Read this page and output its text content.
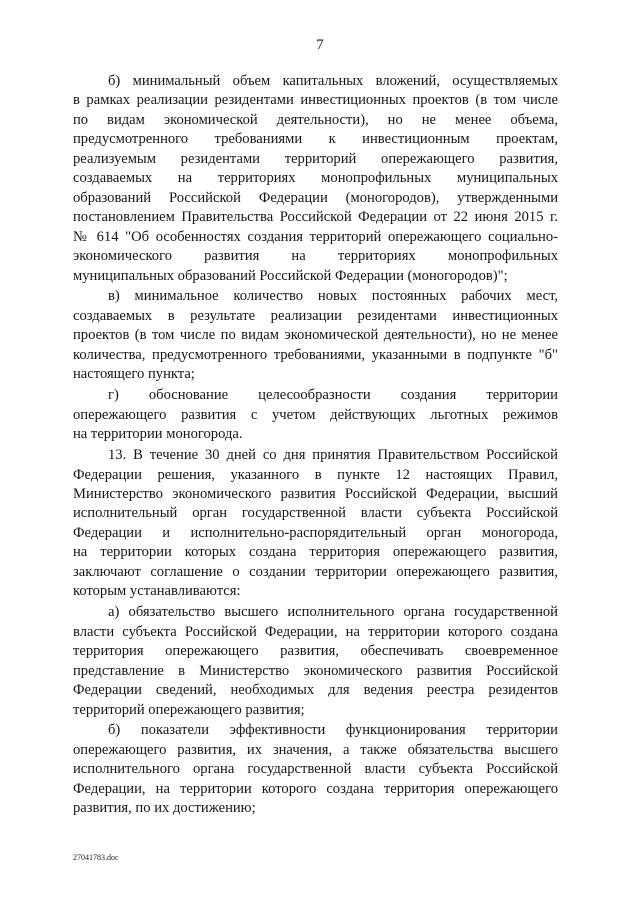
7

б) минимальный объем капитальных вложений, осуществляемых
в рамках реализации резидентами инвестиционных проектов (в том числе
по видам экономической деятельности), но не менее объема,
предусмотренного требованиями к инвестиционным проектам,
реализуемым резидентами территорий опережающего развития,
создаваемых на территориях монопрофильных муниципальных
образований Российской Федерации (моногородов), утвержденными
постановлением Правительства Российской Федерации от 22 июня 2015 г.
№ 614 "Об особенностях создания территорий опережающего социально-
экономического развития на территориях монопрофильных
муниципальных образований Российской Федерации (моногородов)";

в) минимальное количество новых постоянных рабочих мест,
создаваемых в результате реализации резидентами инвестиционных
проектов (в том числе по видам экономической деятельности), но не менее
количества, предусмотренного требованиями, указанными в подпункте "б"
настоящего пункта;

г) обоснование целесообразности создания территории
опережающего развития с учетом действующих льготных режимов
на территории моногорода.

13. В течение 30 дней со дня принятия Правительством Российской
Федерации решения, указанного в пункте 12 настоящих Правил,
Министерство экономического развития Российской Федерации, высший
исполнительный орган государственной власти субъекта Российской
Федерации и исполнительно-распорядительный орган моногорода,
на территории которых создана территория опережающего развития,
заключают соглашение о создании территории опережающего развития,
которым устанавливаются:

а) обязательство высшего исполнительного органа государственной
власти субъекта Российской Федерации, на территории которого создана
территория опережающего развития, обеспечивать своевременное
представление в Министерство экономического развития Российской
Федерации сведений, необходимых для ведения реестра резидентов
территорий опережающего развития;

б) показатели эффективности функционирования территории
опережающего развития, их значения, а также обязательства высшего
исполнительного органа государственной власти субъекта Российской
Федерации, на территории которого создана территория опережающего
развития, по их достижению;

27041783.doc
